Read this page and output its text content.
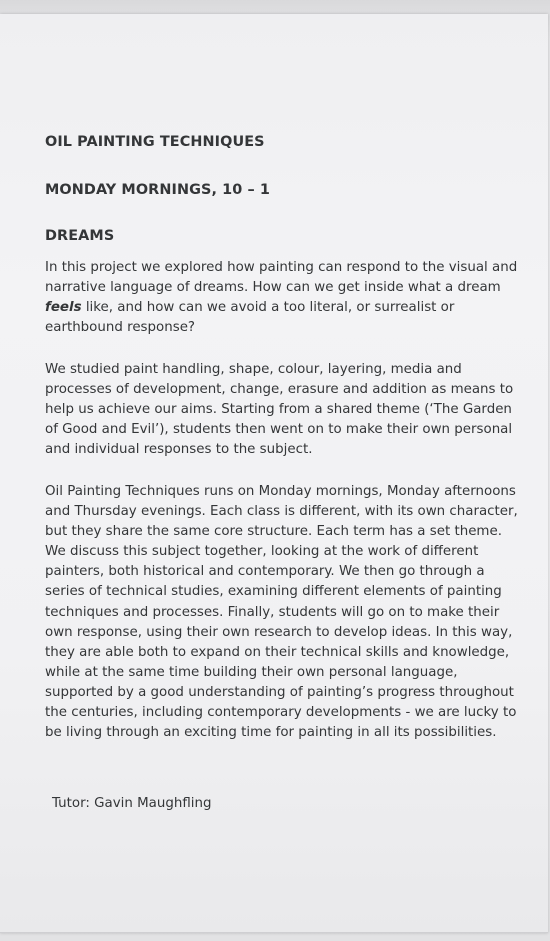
OIL PAINTING TECHNIQUES
MONDAY MORNINGS, 10 – 1
DREAMS

In this project we explored how painting can respond to the visual and narrative language of dreams. How can we get inside what a dream feels like, and how can we avoid a too literal, or surrealist or earthbound response?

We studied paint handling, shape, colour, layering, media and processes of development, change, erasure and addition as means to help us achieve our aims. Starting from a shared theme (‘The Garden of Good and Evil’), students then went on to make their own personal and individual responses to the subject.

Oil Painting Techniques runs on Monday mornings, Monday afternoons and Thursday evenings. Each class is different, with its own character, but they share the same core structure. Each term has a set theme. We discuss this subject together, looking at the work of different painters, both historical and contemporary. We then go through a series of technical studies, examining different elements of painting techniques and processes. Finally, students will go on to make their own response, using their own research to develop ideas. In this way, they are able both to expand on their technical skills and knowledge, while at the same time building their own personal language, supported by a good understanding of painting’s progress throughout the centuries, including contemporary developments - we are lucky to be living through an exciting time for painting in all its possibilities.

Tutor: Gavin Maughfling
